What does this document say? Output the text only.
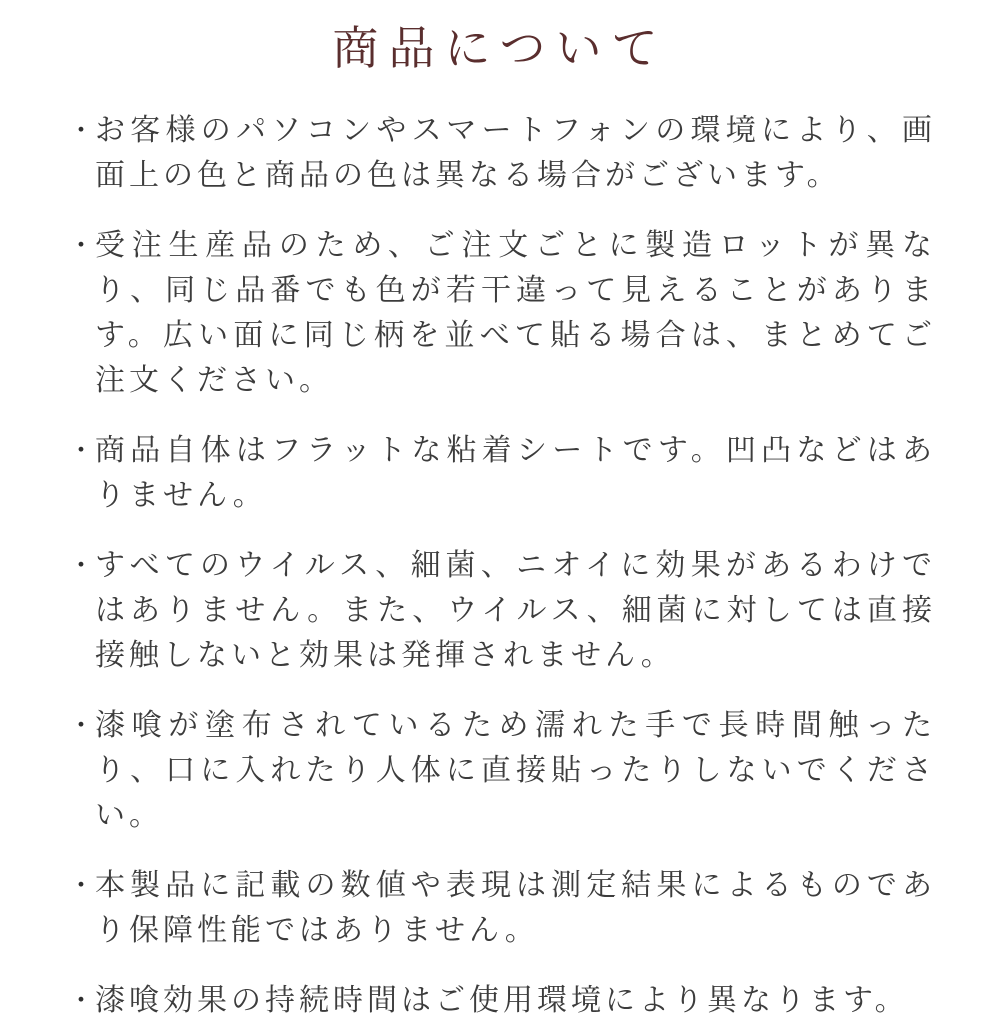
商品について
・ お客様のパソコンやスマートフォンの環境により、画面上の色と商品の色は異なる場合がございます。
・ 受注生産品のため、ご注文ごとに製造ロットが異なり、同じ品番でも色が若干違って見えることがあります。広い面に同じ柄を並べて貼る場合は、まとめてご注文ください。
・ 商品自体はフラットな粘着シートです。凹凸などはありません。
・ すべてのウイルス、細菌、ニオイに効果があるわけではありません。また、ウイルス、細菌に対しては直接接触しないと効果は発揮されません。
・ 漆喰が塗布されているため濡れた手で長時間触ったり、口に入れたり人体に直接貼ったりしないでください。
・ 本製品に記載の数値や表現は測定結果によるものであり保障性能ではありません。
・ 漆喰効果の持続時間はご使用環境により異なります。
